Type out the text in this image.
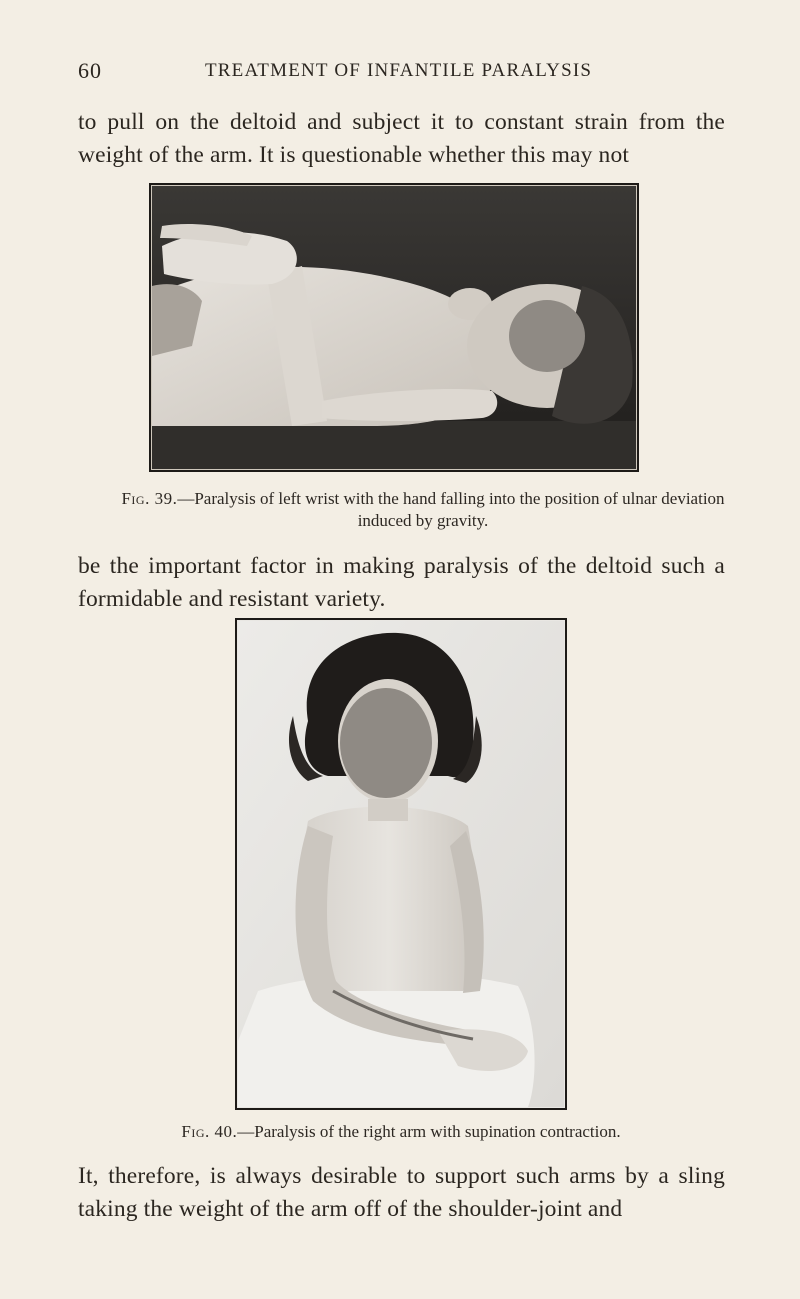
60	TREATMENT OF INFANTILE PARALYSIS

to pull on the deltoid and subject it to constant strain from the weight of the arm. It is questionable whether this may not

Fig. 39.—Paralysis of left wrist with the hand falling into the position of ulnar deviation induced by gravity.

be the important factor in making paralysis of the deltoid such a formidable and resistant variety.

Fig. 40.—Paralysis of the right arm with supination contraction.

It, therefore, is always desirable to support such arms by a sling taking the weight of the arm off of the shoulder-joint and
